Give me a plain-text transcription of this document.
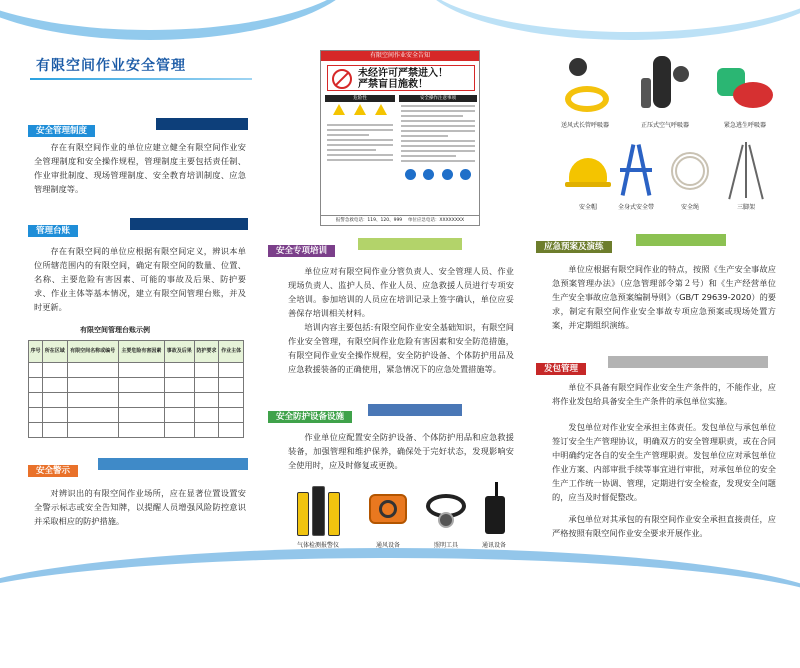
有限空间作业安全管理
安全管理制度
存在有限空间作业的单位应建立健全有限空间作业安全管理制度和安全操作规程，管理制度主要包括责任制、作业审批制度、现场管理制度、安全教育培训制度、应急管理制度等。
管理台账
存在有限空间的单位应根据有限空间定义，辨识本单位所辖范围内的有限空间，确定有限空间的数量、位置、名称、主要危险有害因素、可能的事故及后果、防护要求、作业主体等基本情况，建立有限空间管理台账，并及时更新。
有限空间管理台账示例
序号	所在区域	有限空间名称或编号	主要危险有害因素	事故及后果	防护要求	作业主体

安全警示
对辨识出的有限空间作业场所，应在显著位置设置安全警示标志或安全告知牌，以提醒人员增强风险防控意识并采取相应的防护措施。
有限空间作业安全告知
未经许可严禁进入！
严禁盲目施救！
危险性
	安全操作注意事项

报警急救电话：119、120、999 单位应急电话：XXXXXXXX
安全专项培训
单位应对有限空间作业分管负责人、安全管理人员、作业现场负责人、监护人员、作业人员、应急救援人员进行专项安全培训。参加培训的人员应在培训记录上签字确认，单位应妥善保存培训相关材料。
培训内容主要包括:有限空间作业安全基础知识，有限空间作业安全管理，有限空间作业危险有害因素和安全防范措施，有限空间作业安全操作规程，安全防护设备、个体防护用品及应急救援装备的正确使用，紧急情况下的应急处置措施等。
安全防护设备设施
作业单位应配置安全防护设备、个体防护用品和应急救援装备，加强管理和维护保养，确保处于完好状态，发现影响安全使用时，应及时修复或更换。
气体检测报警仪	通风设备	照明工具	通讯设备
送风式长管呼吸器	正压式空气呼吸器	紧急逃生呼吸器
安全帽	全身式安全带	安全绳	三脚架
应急预案及演练
单位应根据有限空间作业的特点，按照《生产安全事故应急预案管理办法》（应急管理部令第２号）和《生产经营单位生产安全事故应急预案编制导则》（GB/T 29639-2020）的要求，制定有限空间作业安全事故专项应急预案或现场处置方案，并定期组织演练。
发包管理
单位不具备有限空间作业安全生产条件的，不能作业，应将作业发包给具备安全生产条件的承包单位实施。
发包单位对作业安全承担主体责任。发包单位与承包单位签订安全生产管理协议，明确双方的安全管理职责，或在合同中明确约定各自的安全生产管理职责。发包单位应对承包单位作业方案、内部审批手续等事宜进行审批，对承包单位的安全生产工作统一协调、管理，定期进行安全检查，发现安全问题的，应当及时督促整改。
承包单位对其承包的有限空间作业安全承担直接责任，应严格按照有限空间作业安全要求开展作业。
